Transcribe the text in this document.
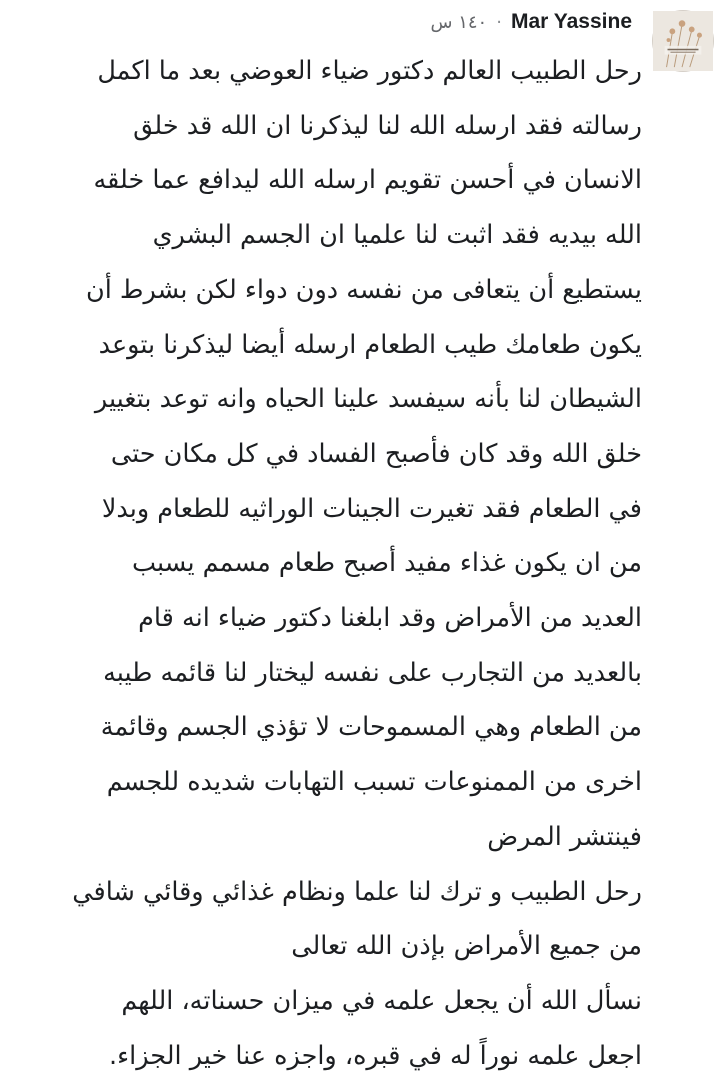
Mar Yassine
·
١٤٠ س
رحل الطبيب العالم دكتور ضياء العوضي بعد ما اكمل
رسالته فقد ارسله الله لنا ليذكرنا ان الله قد خلق
الانسان في أحسن تقويم ارسله الله ليدافع عما خلقه
الله بيديه فقد اثبت لنا علميا ان الجسم البشري
يستطيع أن يتعافى من نفسه دون دواء لكن بشرط أن
يكون طعامك طيب الطعام ارسله أيضا ليذكرنا بتوعد
الشيطان لنا بأنه سيفسد علينا الحياه وانه توعد بتغيير
خلق الله وقد كان فأصبح الفساد في كل مكان حتى
في الطعام فقد تغيرت الجينات الوراثيه للطعام وبدلا
من ان يكون غذاء مفيد أصبح طعام مسمم يسبب
العديد من الأمراض وقد ابلغنا دكتور ضياء انه قام
بالعديد من التجارب على نفسه ليختار لنا قائمه طيبه
من الطعام وهي المسموحات لا تؤذي الجسم وقائمة
اخرى من الممنوعات تسبب التهابات شديده للجسم
فينتشر المرض
رحل الطبيب و ترك لنا علما ونظام غذائي وقائي شافي
من جميع الأمراض بإذن الله تعالى
نسأل الله أن يجعل علمه في ميزان حسناته، اللهم
اجعل علمه نوراً له في قبره، واجزه عنا خير الجزاء.
